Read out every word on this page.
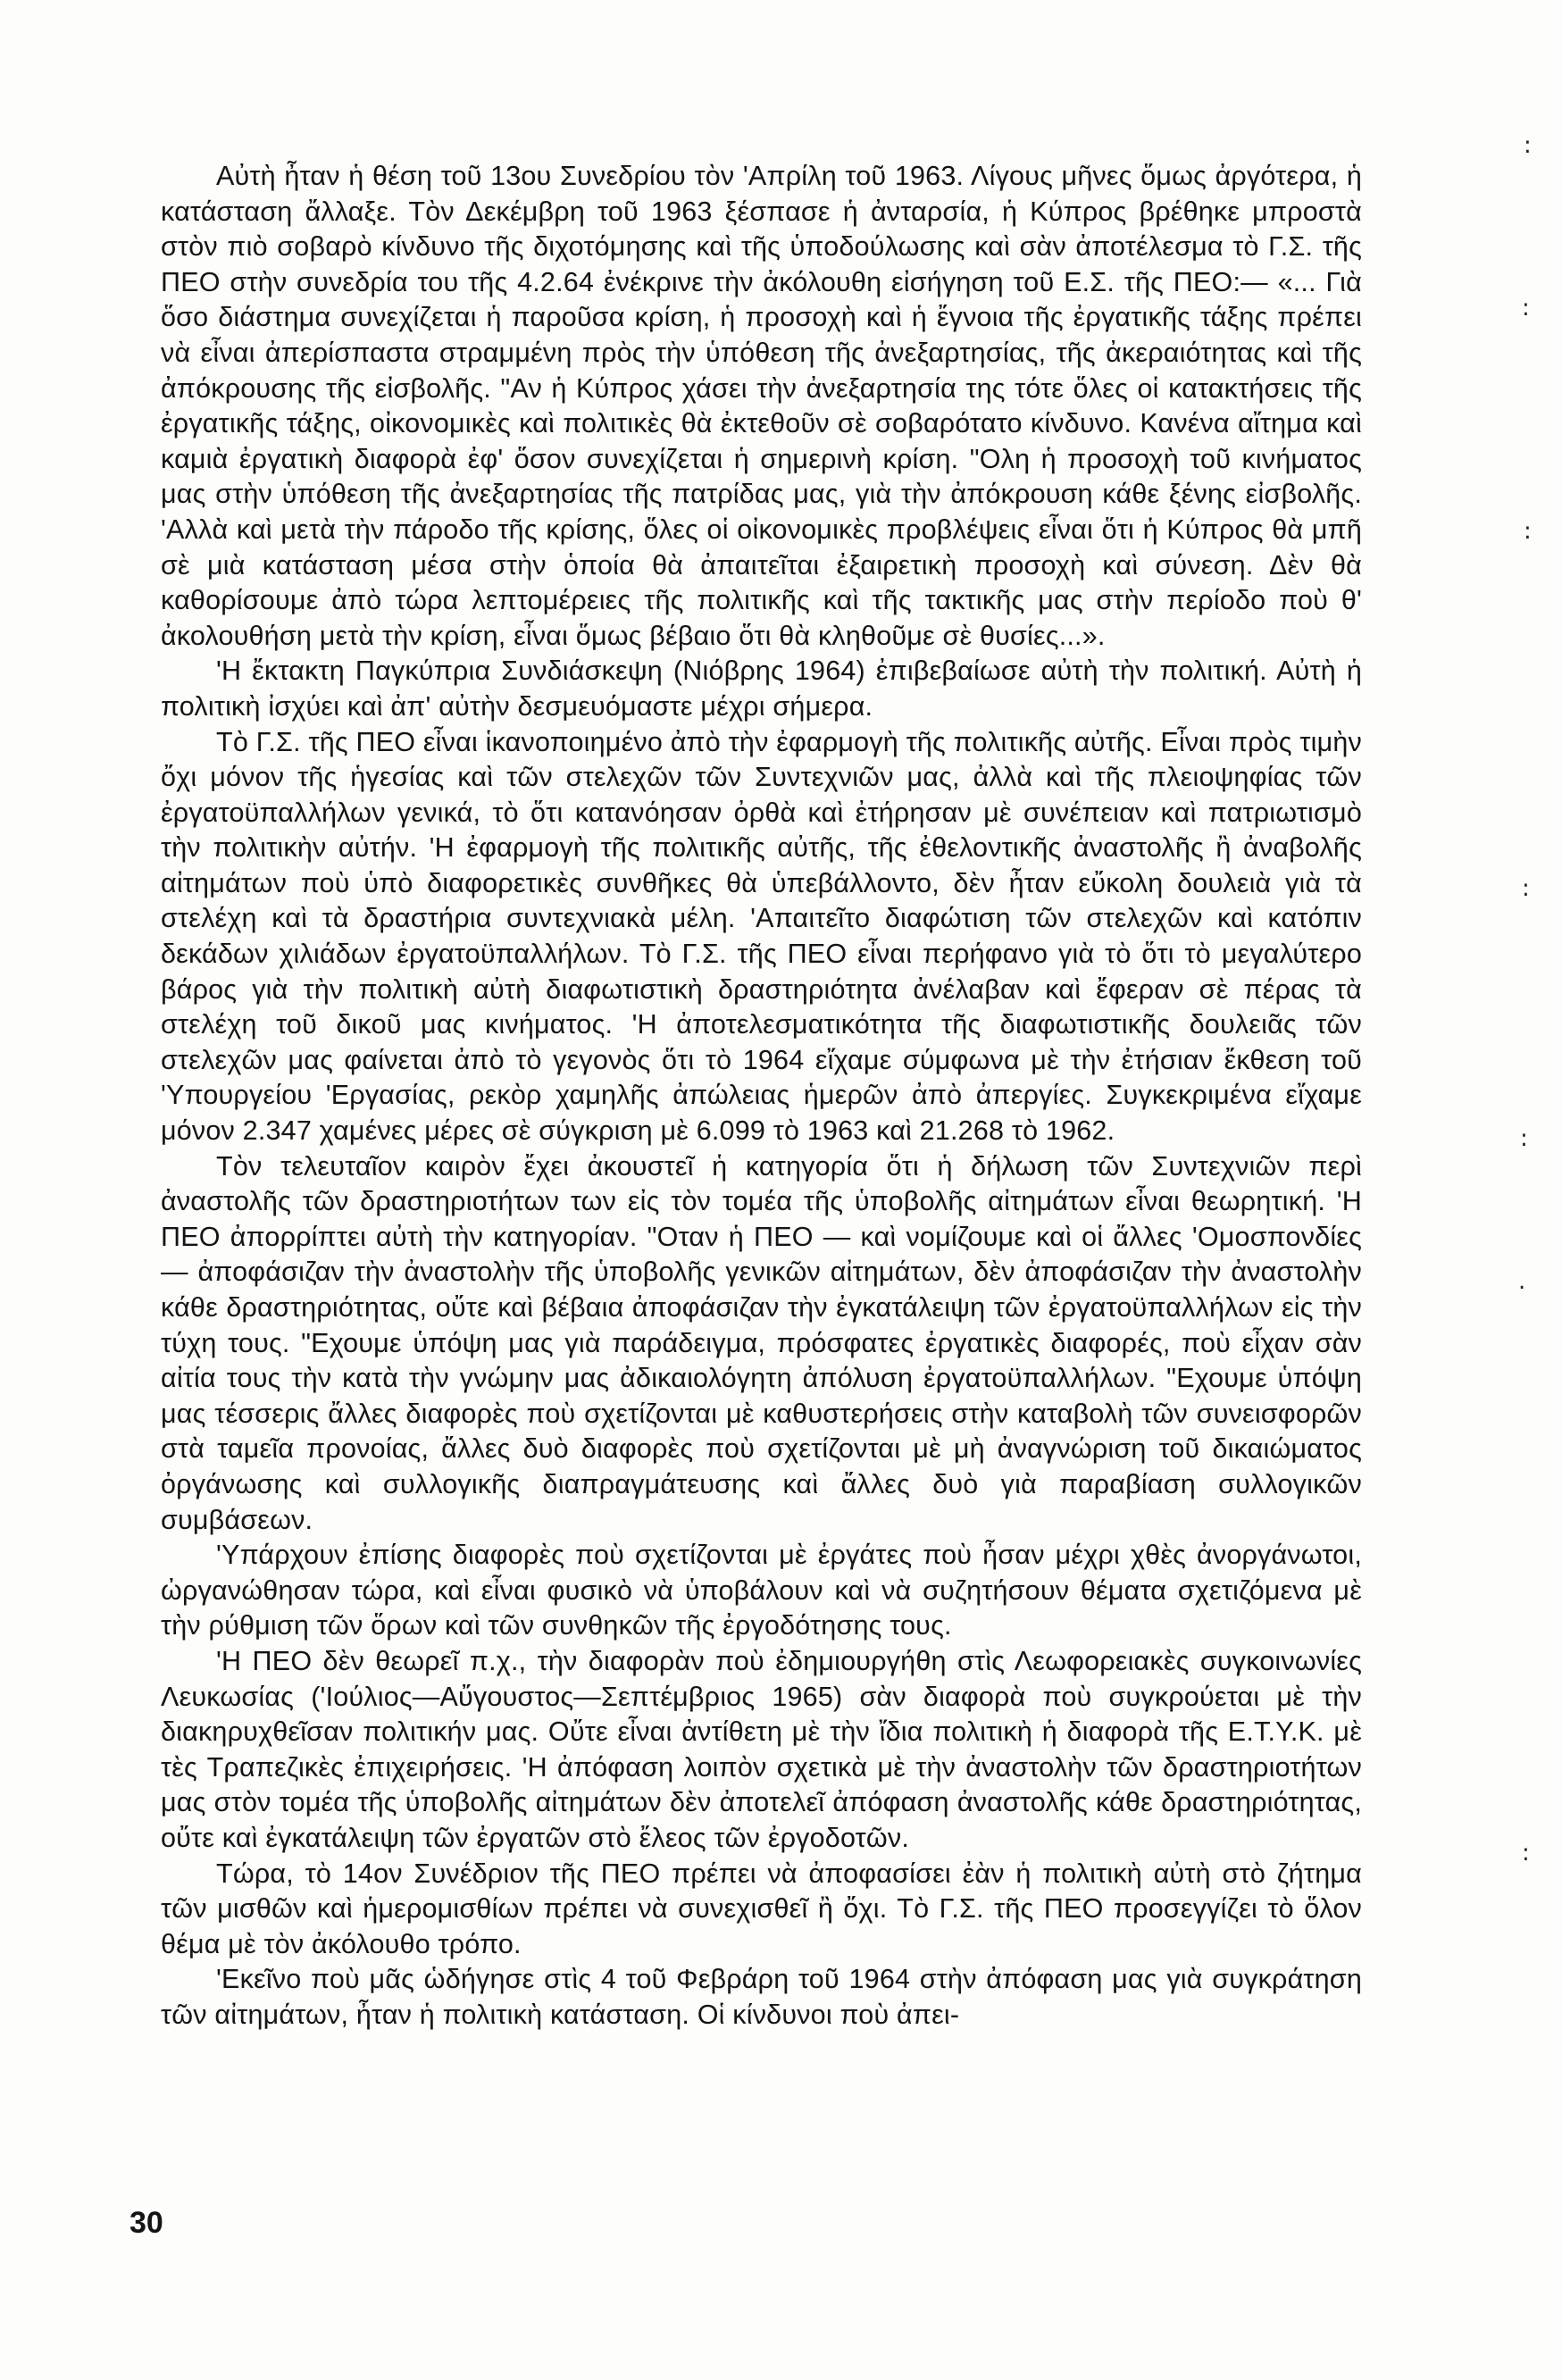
Αὐτὴ ἦταν ἡ θέση τοῦ 13ου Συνεδρίου τὸν 'Απρίλη τοῦ 1963. Λίγους μῆνες ὅμως ἀργότερα, ἡ κατάσταση ἄλλαξε. Τὸν Δεκέμβρη τοῦ 1963 ξέσπασε ἡ ἀνταρσία, ἡ Κύπρος βρέθηκε μπροστὰ στὸν πιὸ σοβαρὸ κίνδυνο τῆς διχοτόμησης καὶ τῆς ὑποδούλωσης καὶ σὰν ἀποτέλεσμα τὸ Γ.Σ. τῆς ΠΕΟ στὴν συνεδρία του τῆς 4.2.64 ἐνέκρινε τὴν ἀκόλουθη εἰσήγηση τοῦ Ε.Σ. τῆς ΠΕΟ:— «... Γιὰ ὅσο διάστημα συνεχίζεται ἡ παροῦσα κρίση, ἡ προσοχὴ καὶ ἡ ἔγνοια τῆς ἐργατικῆς τάξης πρέπει νὰ εἶναι ἀπερίσπαστα στραμμένη πρὸς τὴν ὑπόθεση τῆς ἀνεξαρτησίας, τῆς ἀκεραιότητας καὶ τῆς ἀπόκρουσης τῆς εἰσβολῆς. "Αν ἡ Κύπρος χάσει τὴν ἀνεξαρτησία της τότε ὅλες οἱ κατακτήσεις τῆς ἐργατικῆς τάξης, οἰκονομικὲς καὶ πολιτικὲς θὰ ἐκτεθοῦν σὲ σοβαρότατο κίνδυνο. Κανένα αἴτημα καὶ καμιὰ ἐργατικὴ διαφορὰ ἐφ' ὅσον συνεχίζεται ἡ σημερινὴ κρίση. "Ολη ἡ προσοχὴ τοῦ κινήματος μας στὴν ὑπόθεση τῆς ἀνεξαρτησίας τῆς πατρίδας μας, γιὰ τὴν ἀπόκρουση κάθε ξένης εἰσβολῆς. 'Αλλὰ καὶ μετὰ τὴν πάροδο τῆς κρίσης, ὅλες οἱ οἰκονομικὲς προβλέψεις εἶναι ὅτι ἡ Κύπρος θὰ μπῆ σὲ μιὰ κατάσταση μέσα στὴν ὁποία θὰ ἀπαιτεῖται ἐξαιρετικὴ προσοχὴ καὶ σύνεση. Δὲν θὰ καθορίσουμε ἀπὸ τώρα λεπτομέρειες τῆς πολιτικῆς καὶ τῆς τακτικῆς μας στὴν περίοδο ποὺ θ' ἀκολουθήση μετὰ τὴν κρίση, εἶναι ὅμως βέβαιο ὅτι θὰ κληθοῦμε σὲ θυσίες...».

'Η ἔκτακτη Παγκύπρια Συνδιάσκεψη (Νιόβρης 1964) ἐπιβεβαίωσε αὐτὴ τὴν πολιτική. Αὐτὴ ἡ πολιτικὴ ἰσχύει καὶ ἀπ' αὐτὴν δεσμευόμαστε μέχρι σήμερα.

Τὸ Γ.Σ. τῆς ΠΕΟ εἶναι ἱκανοποιημένο ἀπὸ τὴν ἐφαρμογὴ τῆς πολιτικῆς αὐτῆς. Εἶναι πρὸς τιμὴν ὄχι μόνον τῆς ἡγεσίας καὶ τῶν στελεχῶν τῶν Συντεχνιῶν μας, ἀλλὰ καὶ τῆς πλειοψηφίας τῶν ἐργατοϋπαλλήλων γενικά, τὸ ὅτι κατανόησαν ὀρθὰ καὶ ἐτήρησαν μὲ συνέπειαν καὶ πατριωτισμὸ τὴν πολιτικὴν αὐτήν. 'Η ἐφαρμογὴ τῆς πολιτικῆς αὐτῆς, τῆς ἐθελοντικῆς ἀναστολῆς ἢ ἀναβολῆς αἰτημάτων ποὺ ὑπὸ διαφορετικὲς συνθῆκες θὰ ὑπεβάλλοντο, δὲν ἦταν εὔκολη δουλειὰ γιὰ τὰ στελέχη καὶ τὰ δραστήρια συντεχνιακὰ μέλη. 'Απαιτεῖτο διαφώτιση τῶν στελεχῶν καὶ κατόπιν δεκάδων χιλιάδων ἐργατοϋπαλλήλων. Τὸ Γ.Σ. τῆς ΠΕΟ εἶναι περήφανο γιὰ τὸ ὅτι τὸ μεγαλύτερο βάρος γιὰ τὴν πολιτικὴ αὐτὴ διαφωτιστικὴ δραστηριότητα ἀνέλαβαν καὶ ἔφεραν σὲ πέρας τὰ στελέχη τοῦ δικοῦ μας κινήματος. 'Η ἀποτελεσματικότητα τῆς διαφωτιστικῆς δουλειᾶς τῶν στελεχῶν μας φαίνεται ἀπὸ τὸ γεγονὸς ὅτι τὸ 1964 εἴχαμε σύμφωνα μὲ τὴν ἐτήσιαν ἔκθεση τοῦ 'Υπουργείου 'Εργασίας, ρεκὸρ χαμηλῆς ἀπώλειας ἡμερῶν ἀπὸ ἀπεργίες. Συγκεκριμένα εἴχαμε μόνον 2.347 χαμένες μέρες σὲ σύγκριση μὲ 6.099 τὸ 1963 καὶ 21.268 τὸ 1962.

Τὸν τελευταῖον καιρὸν ἔχει ἀκουστεῖ ἡ κατηγορία ὅτι ἡ δήλωση τῶν Συντεχνιῶν περὶ ἀναστολῆς τῶν δραστηριοτήτων των εἰς τὸν τομέα τῆς ὑποβολῆς αἰτημάτων εἶναι θεωρητική. 'Η ΠΕΟ ἀπορρίπτει αὐτὴ τὴν κατηγορίαν. "Οταν ἡ ΠΕΟ — καὶ νομίζουμε καὶ οἱ ἄλλες 'Ομοσπονδίες — ἀποφάσιζαν τὴν ἀναστολὴν τῆς ὑποβολῆς γενικῶν αἰτημάτων, δὲν ἀποφάσιζαν τὴν ἀναστολὴν κάθε δραστηριότητας, οὔτε καὶ βέβαια ἀποφάσιζαν τὴν ἐγκατάλειψη τῶν ἐργατοϋπαλλήλων εἰς τὴν τύχη τους. "Εχουμε ὑπόψη μας γιὰ παράδειγμα, πρόσφατες ἐργατικὲς διαφορές, ποὺ εἶχαν σὰν αἰτία τους τὴν κατὰ τὴν γνώμην μας ἀδικαιολόγητη ἀπόλυση ἐργατοϋπαλλήλων. "Εχουμε ὑπόψη μας τέσσερις ἄλλες διαφορὲς ποὺ σχετίζονται μὲ καθυστερήσεις στὴν καταβολὴ τῶν συνεισφορῶν στὰ ταμεῖα προνοίας, ἄλλες δυὸ διαφορὲς ποὺ σχετίζονται μὲ μὴ ἀναγνώριση τοῦ δικαιώματος ὀργάνωσης καὶ συλλογικῆς διαπραγμάτευσης καὶ ἄλλες δυὸ γιὰ παραβίαση συλλογικῶν συμβάσεων.

'Υπάρχουν ἐπίσης διαφορὲς ποὺ σχετίζονται μὲ ἐργάτες ποὺ ἦσαν μέχρι χθὲς ἀνοργάνωτοι, ὠργανώθησαν τώρα, καὶ εἶναι φυσικὸ νὰ ὑποβάλουν καὶ νὰ συζητήσουν θέματα σχετιζόμενα μὲ τὴν ρύθμιση τῶν ὅρων καὶ τῶν συνθηκῶν τῆς ἐργοδότησης τους.

'Η ΠΕΟ δὲν θεωρεῖ π.χ., τὴν διαφορὰν ποὺ ἐδημιουργήθη στὶς Λεωφορειακὲς συγκοινωνίες Λευκωσίας ('Ιούλιος—Αὔγουστος—Σεπτέμβριος 1965) σὰν διαφορὰ ποὺ συγκρούεται μὲ τὴν διακηρυχθεῖσαν πολιτικήν μας. Οὔτε εἶναι ἀντίθετη μὲ τὴν ἴδια πολιτικὴ ἡ διαφορὰ τῆς Ε.Τ.Υ.Κ. μὲ τὲς Τραπεζικὲς ἐπιχειρήσεις. 'Η ἀπόφαση λοιπὸν σχετικὰ μὲ τὴν ἀναστολὴν τῶν δραστηριοτήτων μας στὸν τομέα τῆς ὑποβολῆς αἰτημάτων δὲν ἀποτελεῖ ἀπόφαση ἀναστολῆς κάθε δραστηριότητας, οὔτε καὶ ἐγκατάλειψη τῶν ἐργατῶν στὸ ἔλεος τῶν ἐργοδοτῶν.

Τώρα, τὸ 14ον Συνέδριον τῆς ΠΕΟ πρέπει νὰ ἀποφασίσει ἐὰν ἡ πολιτικὴ αὐτὴ στὸ ζήτημα τῶν μισθῶν καὶ ἡμερομισθίων πρέπει νὰ συνεχισθεῖ ἢ ὄχι. Τὸ Γ.Σ. τῆς ΠΕΟ προσεγγίζει τὸ ὅλον θέμα μὲ τὸν ἀκόλουθο τρόπο.

'Εκεῖνο ποὺ μᾶς ὡδήγησε στὶς 4 τοῦ Φεβράρη τοῦ 1964 στὴν ἀπόφαση μας γιὰ συγκράτηση τῶν αἰτημάτων, ἦταν ἡ πολιτικὴ κατάσταση. Οἱ κίνδυνοι ποὺ ἀπει-

30
:
:
:
:
:
.
:
